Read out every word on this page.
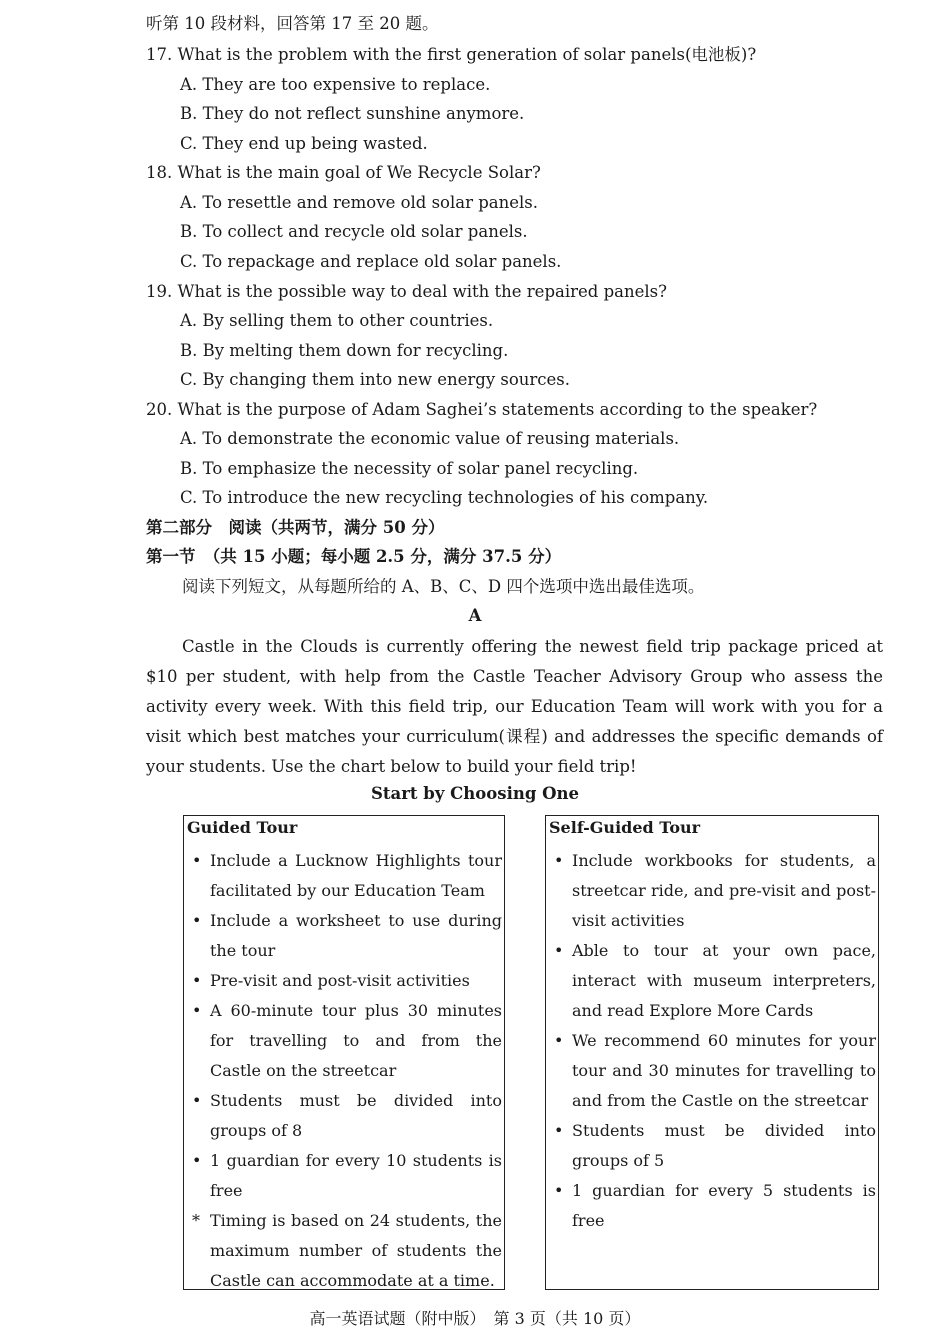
听第 10 段材料，回答第 17 至 20 题。
17. What is the problem with the first generation of solar panels(电池板)?
A. They are too expensive to replace.
B. They do not reflect sunshine anymore.
C. They end up being wasted.
18. What is the main goal of We Recycle Solar?
A. To resettle and remove old solar panels.
B. To collect and recycle old solar panels.
C. To repackage and replace old solar panels.
19. What is the possible way to deal with the repaired panels?
A. By selling them to other countries.
B. By melting them down for recycling.
C. By changing them into new energy sources.
20. What is the purpose of Adam Saghei’s statements according to the speaker?
A. To demonstrate the economic value of reusing materials.
B. To emphasize the necessity of solar panel recycling.
C. To introduce the new recycling technologies of his company.
第二部分　阅读（共两节，满分 50 分）
第一节　（共 15 小题；每小题 2.5 分，满分 37.5 分）
阅读下列短文，从每题所给的 A、B、C、D 四个选项中选出最佳选项。
A
Castle in the Clouds is currently offering the newest field trip package priced at $10 per student, with help from the Castle Teacher Advisory Group who assess the activity every week. With this field trip, our Education Team will work with you for a visit which best matches your curriculum(课程) and addresses the specific demands of your students. Use the chart below to build your field trip!
Start by Choosing One
Guided Tour
• Include a Lucknow Highlights tour facilitated by our Education Team
• Include a worksheet to use during the tour
• Pre-visit and post-visit activities
• A 60-minute tour plus 30 minutes for travelling to and from the Castle on the streetcar
• Students must be divided into groups of 8
• 1 guardian for every 10 students is free
* Timing is based on 24 students, the maximum number of students the Castle can accommodate at a time.
Self-Guided Tour
• Include workbooks for students, a streetcar ride, and pre-visit and post-visit activities
• Able to tour at your own pace, interact with museum interpreters, and read Explore More Cards
• We recommend 60 minutes for your tour and 30 minutes for travelling to and from the Castle on the streetcar
• Students must be divided into groups of 5
• 1 guardian for every 5 students is free
高一英语试题（附中版）　第 3 页（共 10 页）
